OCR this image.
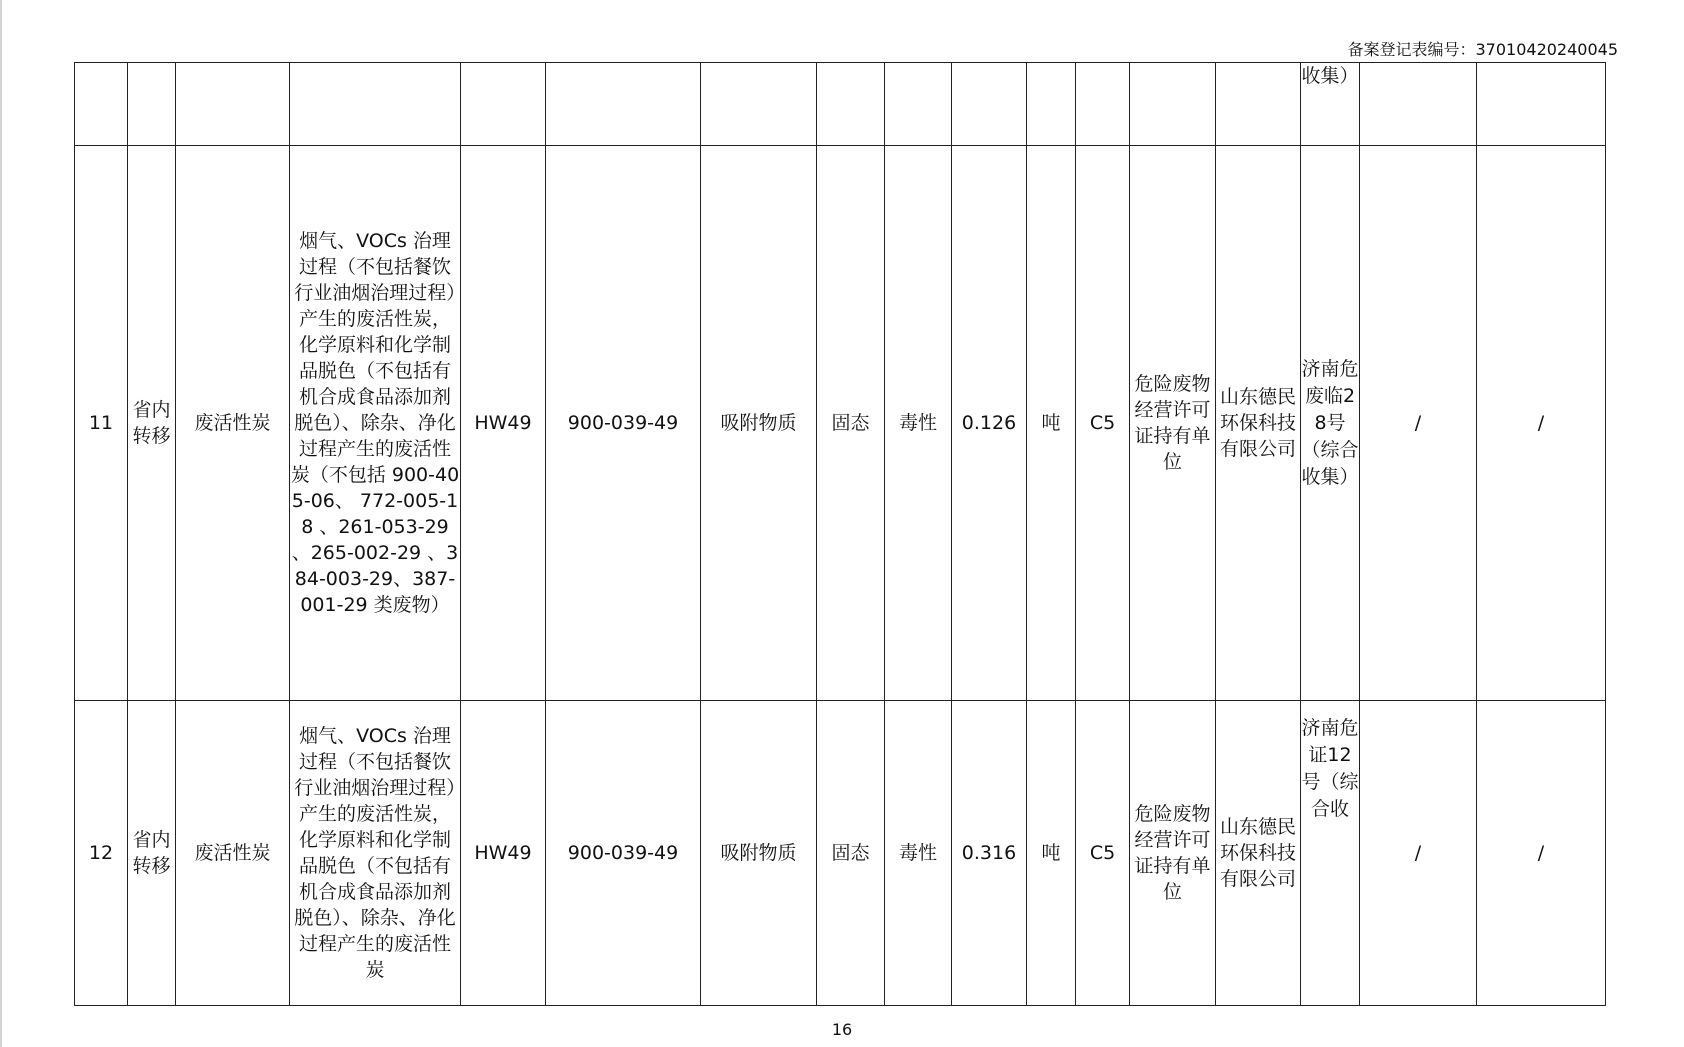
备案登记表编号：37010420240045
														收集）		
11	省内转移	废活性炭	烟气、VOCs 治理过程（不包括餐饮行业油烟治理过程）产生的废活性炭，化学原料和化学制品脱色（不包括有机合成食品添加剂脱色）、除杂、净化过程产生的废活性炭（不包括 900-405-06、 772-005-18 、261-053-29 、265-002-29 、384-003-29、387-001-29 类废物）	HW49	900-039-49	吸附物质	固态	毒性	0.126	吨	C5	危险废物经营许可证持有单位	山东德民环保科技有限公司	济南危废临28号（综合收集）	/	/
12	省内转移	废活性炭	烟气、VOCs 治理过程（不包括餐饮行业油烟治理过程）产生的废活性炭，化学原料和化学制品脱色（不包括有机合成食品添加剂脱色）、除杂、净化过程产生的废活性炭	HW49	900-039-49	吸附物质	固态	毒性	0.316	吨	C5	危险废物经营许可证持有单位	山东德民环保科技有限公司	济南危证12号（综合收	/	/
16
